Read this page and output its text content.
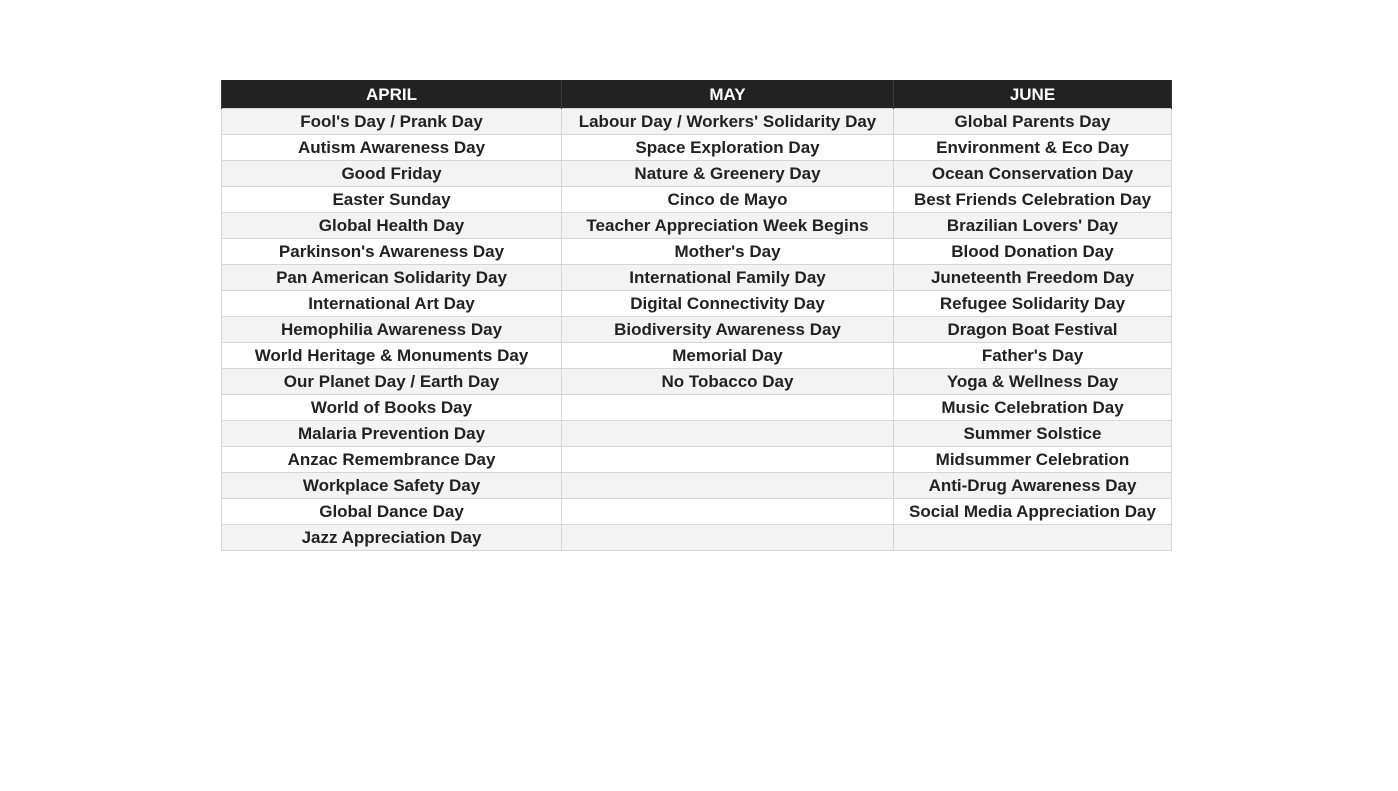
APRIL	MAY	JUNE
Fool's Day / Prank Day	Labour Day / Workers' Solidarity Day	Global Parents Day
Autism Awareness Day	Space Exploration Day	Environment & Eco Day
Good Friday	Nature & Greenery Day	Ocean Conservation Day
Easter Sunday	Cinco de Mayo	Best Friends Celebration Day
Global Health Day	Teacher Appreciation Week Begins	Brazilian Lovers' Day
Parkinson's Awareness Day	Mother's Day	Blood Donation Day
Pan American Solidarity Day	International Family Day	Juneteenth Freedom Day
International Art Day	Digital Connectivity Day	Refugee Solidarity Day
Hemophilia Awareness Day	Biodiversity Awareness Day	Dragon Boat Festival
World Heritage & Monuments Day	Memorial Day	Father's Day
Our Planet Day / Earth Day	No Tobacco Day	Yoga & Wellness Day
World of Books Day		Music Celebration Day
Malaria Prevention Day		Summer Solstice
Anzac Remembrance Day		Midsummer Celebration
Workplace Safety Day		Anti-Drug Awareness Day
Global Dance Day		Social Media Appreciation Day
Jazz Appreciation Day		
